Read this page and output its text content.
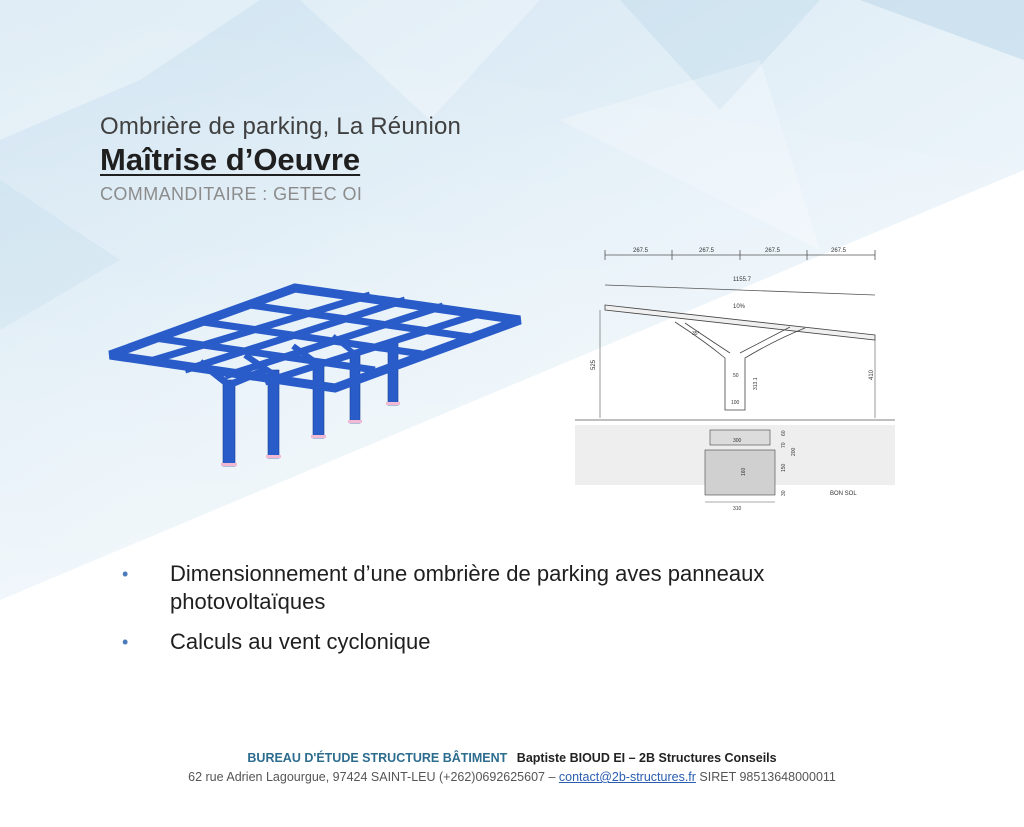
Ombrière de parking, La Réunion
Maîtrise d’Oeuvre
COMMANDITAIRE : GETEC OI
267.5	267.5	267.5	267.5
1155.7
10%
35°
50
313.1
100
525
410
300
160
60
70
200
150
30
310
BON SOL
• Dimensionnement d’une ombrière de parking aves panneaux photovoltaïques
• Calculs au vent cyclonique
BUREAU D'ÉTUDE STRUCTURE BÂTIMENT Baptiste BIOUD EI – 2B Structures Conseils
62 rue Adrien Lagourgue, 97424 SAINT-LEU (+262)0692625607 – contact@2b-structures.fr SIRET 98513648000011
